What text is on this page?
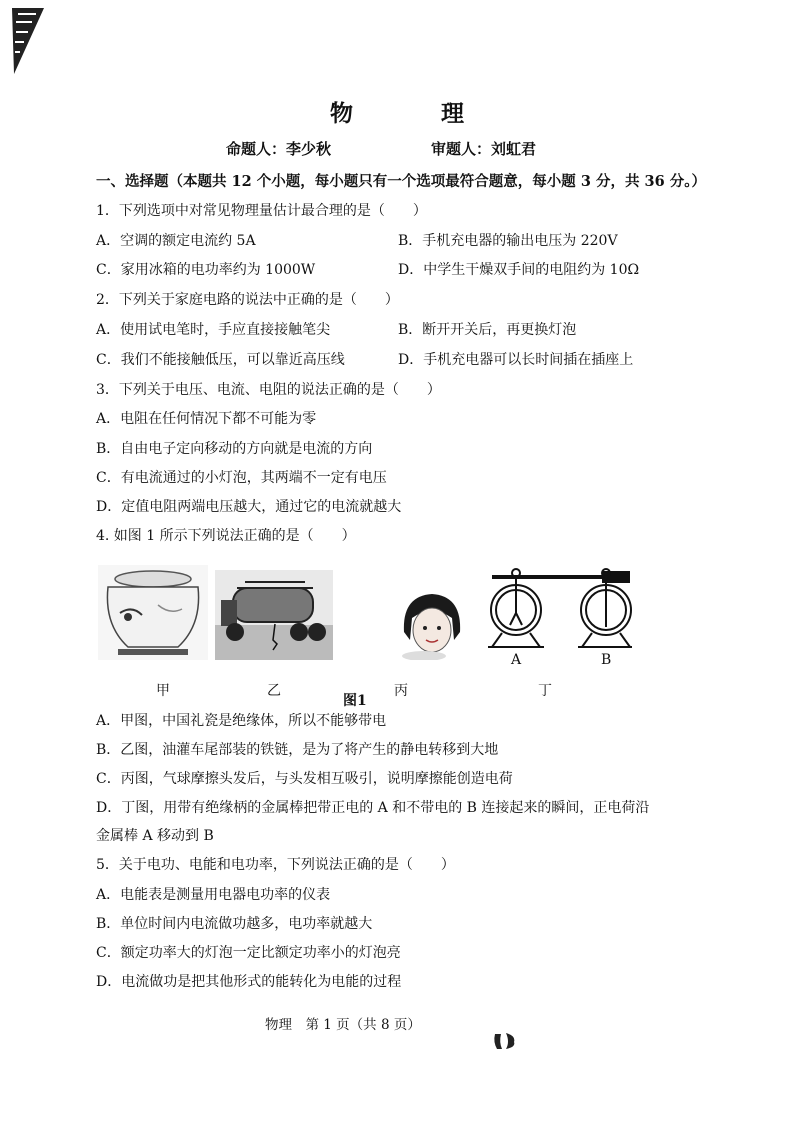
物 理
命题人：李少秋	审题人：刘虹君
一、选择题（本题共 12 个小题，每小题只有一个选项最符合题意，每小题 3 分，共 36 分。）
1．下列选项中对常见物理量估计最合理的是（　　）
A．空调的额定电流约 5A	B．手机充电器的输出电压为 220V
C．家用冰箱的电功率约为 1000W	D．中学生干燥双手间的电阻约为 10Ω
2．下列关于家庭电路的说法中正确的是（　　）
A．使用试电笔时，手应直接接触笔尖	B．断开开关后，再更换灯泡
C．我们不能接触低压，可以靠近高压线	D．手机充电器可以长时间插在插座上
3．下列关于电压、电流、电阻的说法正确的是（　　）
A．电阻在任何情况下都不可能为零
B．自由电子定向移动的方向就是电流的方向
C．有电流通过的小灯泡，其两端不一定有电压
D．定值电阻两端电压越大，通过它的电流就越大
4. 如图 1 所示下列说法正确的是（　　）
A	B
甲	乙	丙	丁
图1
A．甲图，中国礼瓷是绝缘体，所以不能够带电
B．乙图，油灌车尾部装的铁链，是为了将产生的静电转移到大地
C．丙图，气球摩擦头发后，与头发相互吸引，说明摩擦能创造电荷
D．丁图，用带有绝缘柄的金属棒把带正电的 A 和不带电的 B 连接起来的瞬间，正电荷沿
金属棒 A 移动到 B
5．关于电功、电能和电功率，下列说法正确的是（　　）
A．电能表是测量用电器电功率的仪表
B．单位时间内电流做功越多，电功率就越大
C．额定功率大的灯泡一定比额定功率小的灯泡亮
D．电流做功是把其他形式的能转化为电能的过程
物理　第 1 页（共 8 页）
